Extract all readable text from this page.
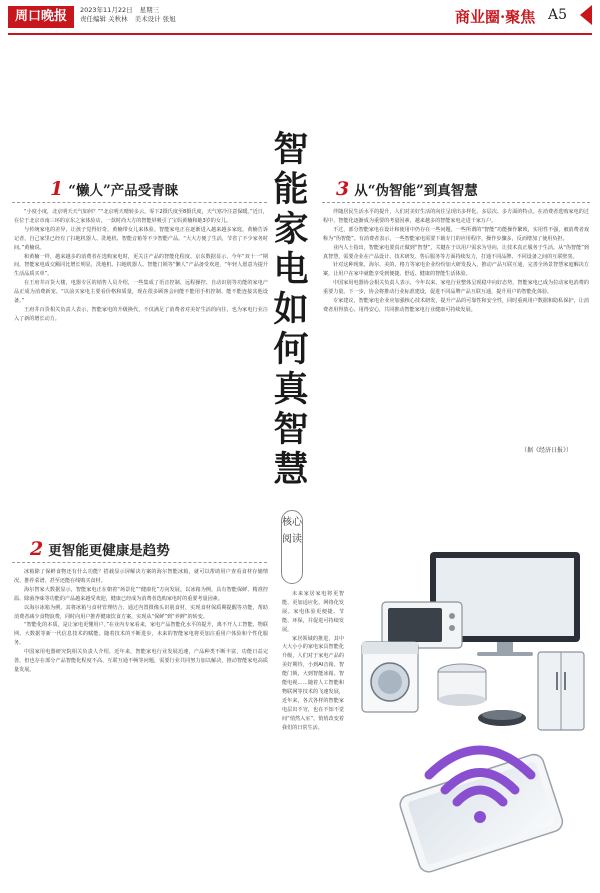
周口晚报	2023年11月22日 星期三
责任编辑 关秋林 美术设计 张旭	商业圈·聚焦 A5
智能家电如何真智慧
核心阅读
1 “懒人”产品受青睐

“小度小度，北京明天天气如何？”“北京明天晴转多云，零下2摄氏度至8摄氏度，天气寒冷注意保暖。”近日，在位于北京市南三环的京东之家体验店，一款时尚大方的智能屏吸引了宝妈黄楠和她3岁的女儿。

与传统家电的差异，让孩子觉得好奇，黄楠带女儿来体验。智能家电正在逐渐进入越来越多家庭。黄楠告诉记者，自己家里已经有了扫地机器人、洗地机、智能音箱等不少智能产品。“大大方便了生活，节省了不少家务时间。”黄楠说。

和黄楠一样，越来越多的消费者在选购家电时，更关注产品的智能化程度。京东数据显示，今年“双十一”期间，智能家电成交额同比增长明显，洗地机、扫地机器人、智能门锁等“懒人”产品备受欢迎，“年轻人愿意为提升生活品质买单”。

在王府井百货大楼，电器专区的销售人员介绍，一些集成了语音控制、远程操控、自动识别等功能的家电产品正成为消费新宠。“以前买家电主要看价格和质量，现在很多顾客会问能不能用手机控制、能不能连接其他设备。”

王府井百货相关负责人表示，智能家电的升级换代，不仅满足了消费者对美好生活的向往，也为家电行业注入了新的增长动力。

2 更智能更健康是趋势

冰箱除了保鲜食物还有什么功能？搭载显示屏解决方案的海尔智能冰箱，就可以帮助用户查看食材存储情况、推荐菜谱，甚至还能在线购买食材。

海尔智家大数据显示，智能家电正在朝着“场景化”“健康化”方向发展。以冰箱为例，具有智能保鲜、精准控温、除菌净味等功能的产品越来越受欢迎，健康已经成为消费者选购家电时的重要考量因素。

以海尔冰箱为例，其将冰箱与食材管理结合，通过内置摄像头识别食材，实现食材保质期提醒等功能，帮助消费者减少食物浪费，同时向用户推荐健康饮食方案，实现从“保鲜”到“养鲜”的转变。

“智能化的本质，是让家电更懂用户。”在业内专家看来，家电产品智能化水平的提升，离不开人工智能、物联网、大数据等新一代信息技术的赋能。随着技术的不断进步，未来的智能家电将更加注重用户体验和个性化服务。

中国家用电器研究院相关负责人介绍，近年来，智能家电行业发展迅速，产品种类不断丰富，功能日益完善，但也存在部分产品智能化程度不高、互联互通不畅等问题，需要行业共同努力加以解决，推动智能家电高质量发展。

3 从“伪智能”到真智慧

伴随居民生活水平的提升，人们对美好生活的向往呈现出多样化、多层次、多方面的特点。在消费者选购家电的过程中，智能化逐渐成为重要的考量因素，越来越多的智能家电走进千家万户。

不过，部分智能家电在设计和使用中仍存在一些问题，一些所谓的“智能”功能操作繁琐，实用性不强，被消费者戏称为“伪智能”。有消费者表示，一些智能家电需要下载专门的应用程序，操作步骤多，反而增加了使用负担。

业内人士指出，智能家电要真正做到“智慧”，关键在于以用户需求为导向，让技术真正服务于生活。从“伪智能”到真智慧，需要企业在产品设计、技术研发、售后服务等方面持续发力，打通不同品牌、不同设备之间的互联壁垒。

针对这种现象，海尔、美的、格力等家电企业纷纷加大研发投入，推动产品互联互通，完善全场景智慧家庭解决方案，让用户在家中就能享受到便捷、舒适、健康的智能生活体验。

中国家用电器协会相关负责人表示，今年以来，家电行业整体呈现稳中向好态势，智能家电已成为拉动家电消费的重要力量。下一步，协会将推动行业标准建设，促进不同品牌产品互联互通，提升用户的智能化体验。

专家建议，智能家电企业应加强核心技术研发，提升产品的可靠性和安全性，同时重视用户数据和隐私保护，让消费者用得放心、用得安心，共同推动智能家电行业健康可持续发展。

（据《经济日报》）

未来家居家电将更智能、更加适应化、网络化发展。家电体验更便捷、节能、环保，并促进可持续发展。

家居领域的推进，其中大大小小的家电家具智能化升级，人们对于家电产品的美好期待，小到AI音箱、智能门锁，大到智能冰箱、智能电视……随着人工智能和物联网等技术的飞速发展，近年来，各式各样的智能家电层出不穷，也在不知不觉间“悄然入室”，悄悄改变着我们的日常生活。
